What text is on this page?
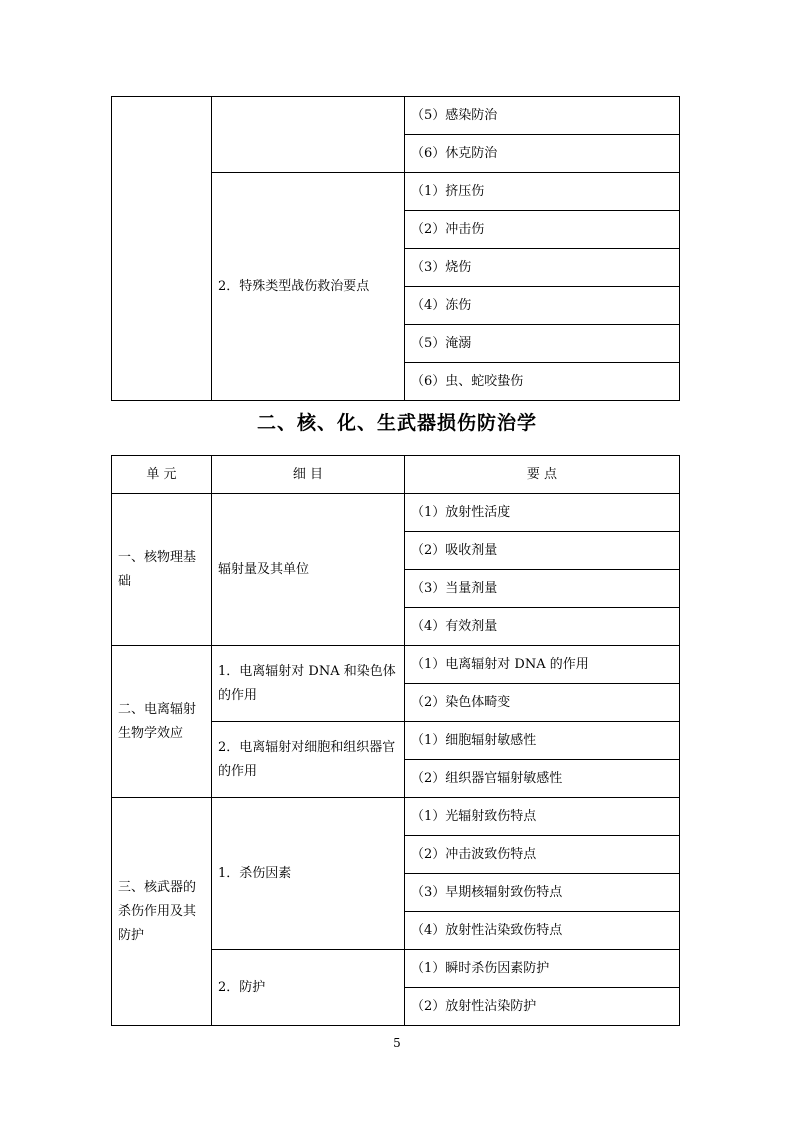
		（5）感染防治
		（6）休克防治
	2．特殊类型战伤救治要点	（1）挤压伤
		（2）冲击伤
		（3）烧伤
		（4）冻伤
		（5）淹溺
		（6）虫、蛇咬蛰伤
二、核、化、生武器损伤防治学
单 元	细 目	要 点
一、核物理基础	辐射量及其单位	（1）放射性活度
		（2）吸收剂量
		（3）当量剂量
		（4）有效剂量
二、电离辐射生物学效应	1．电离辐射对 DNA 和染色体的作用	（1）电离辐射对 DNA 的作用
		（2）染色体畸变
	2．电离辐射对细胞和组织器官的作用	（1）细胞辐射敏感性
		（2）组织器官辐射敏感性
三、核武器的杀伤作用及其防护	1．杀伤因素	（1）光辐射致伤特点
		（2）冲击波致伤特点
		（3）早期核辐射致伤特点
		（4）放射性沾染致伤特点
	2．防护	（1）瞬时杀伤因素防护
		（2）放射性沾染防护
5
